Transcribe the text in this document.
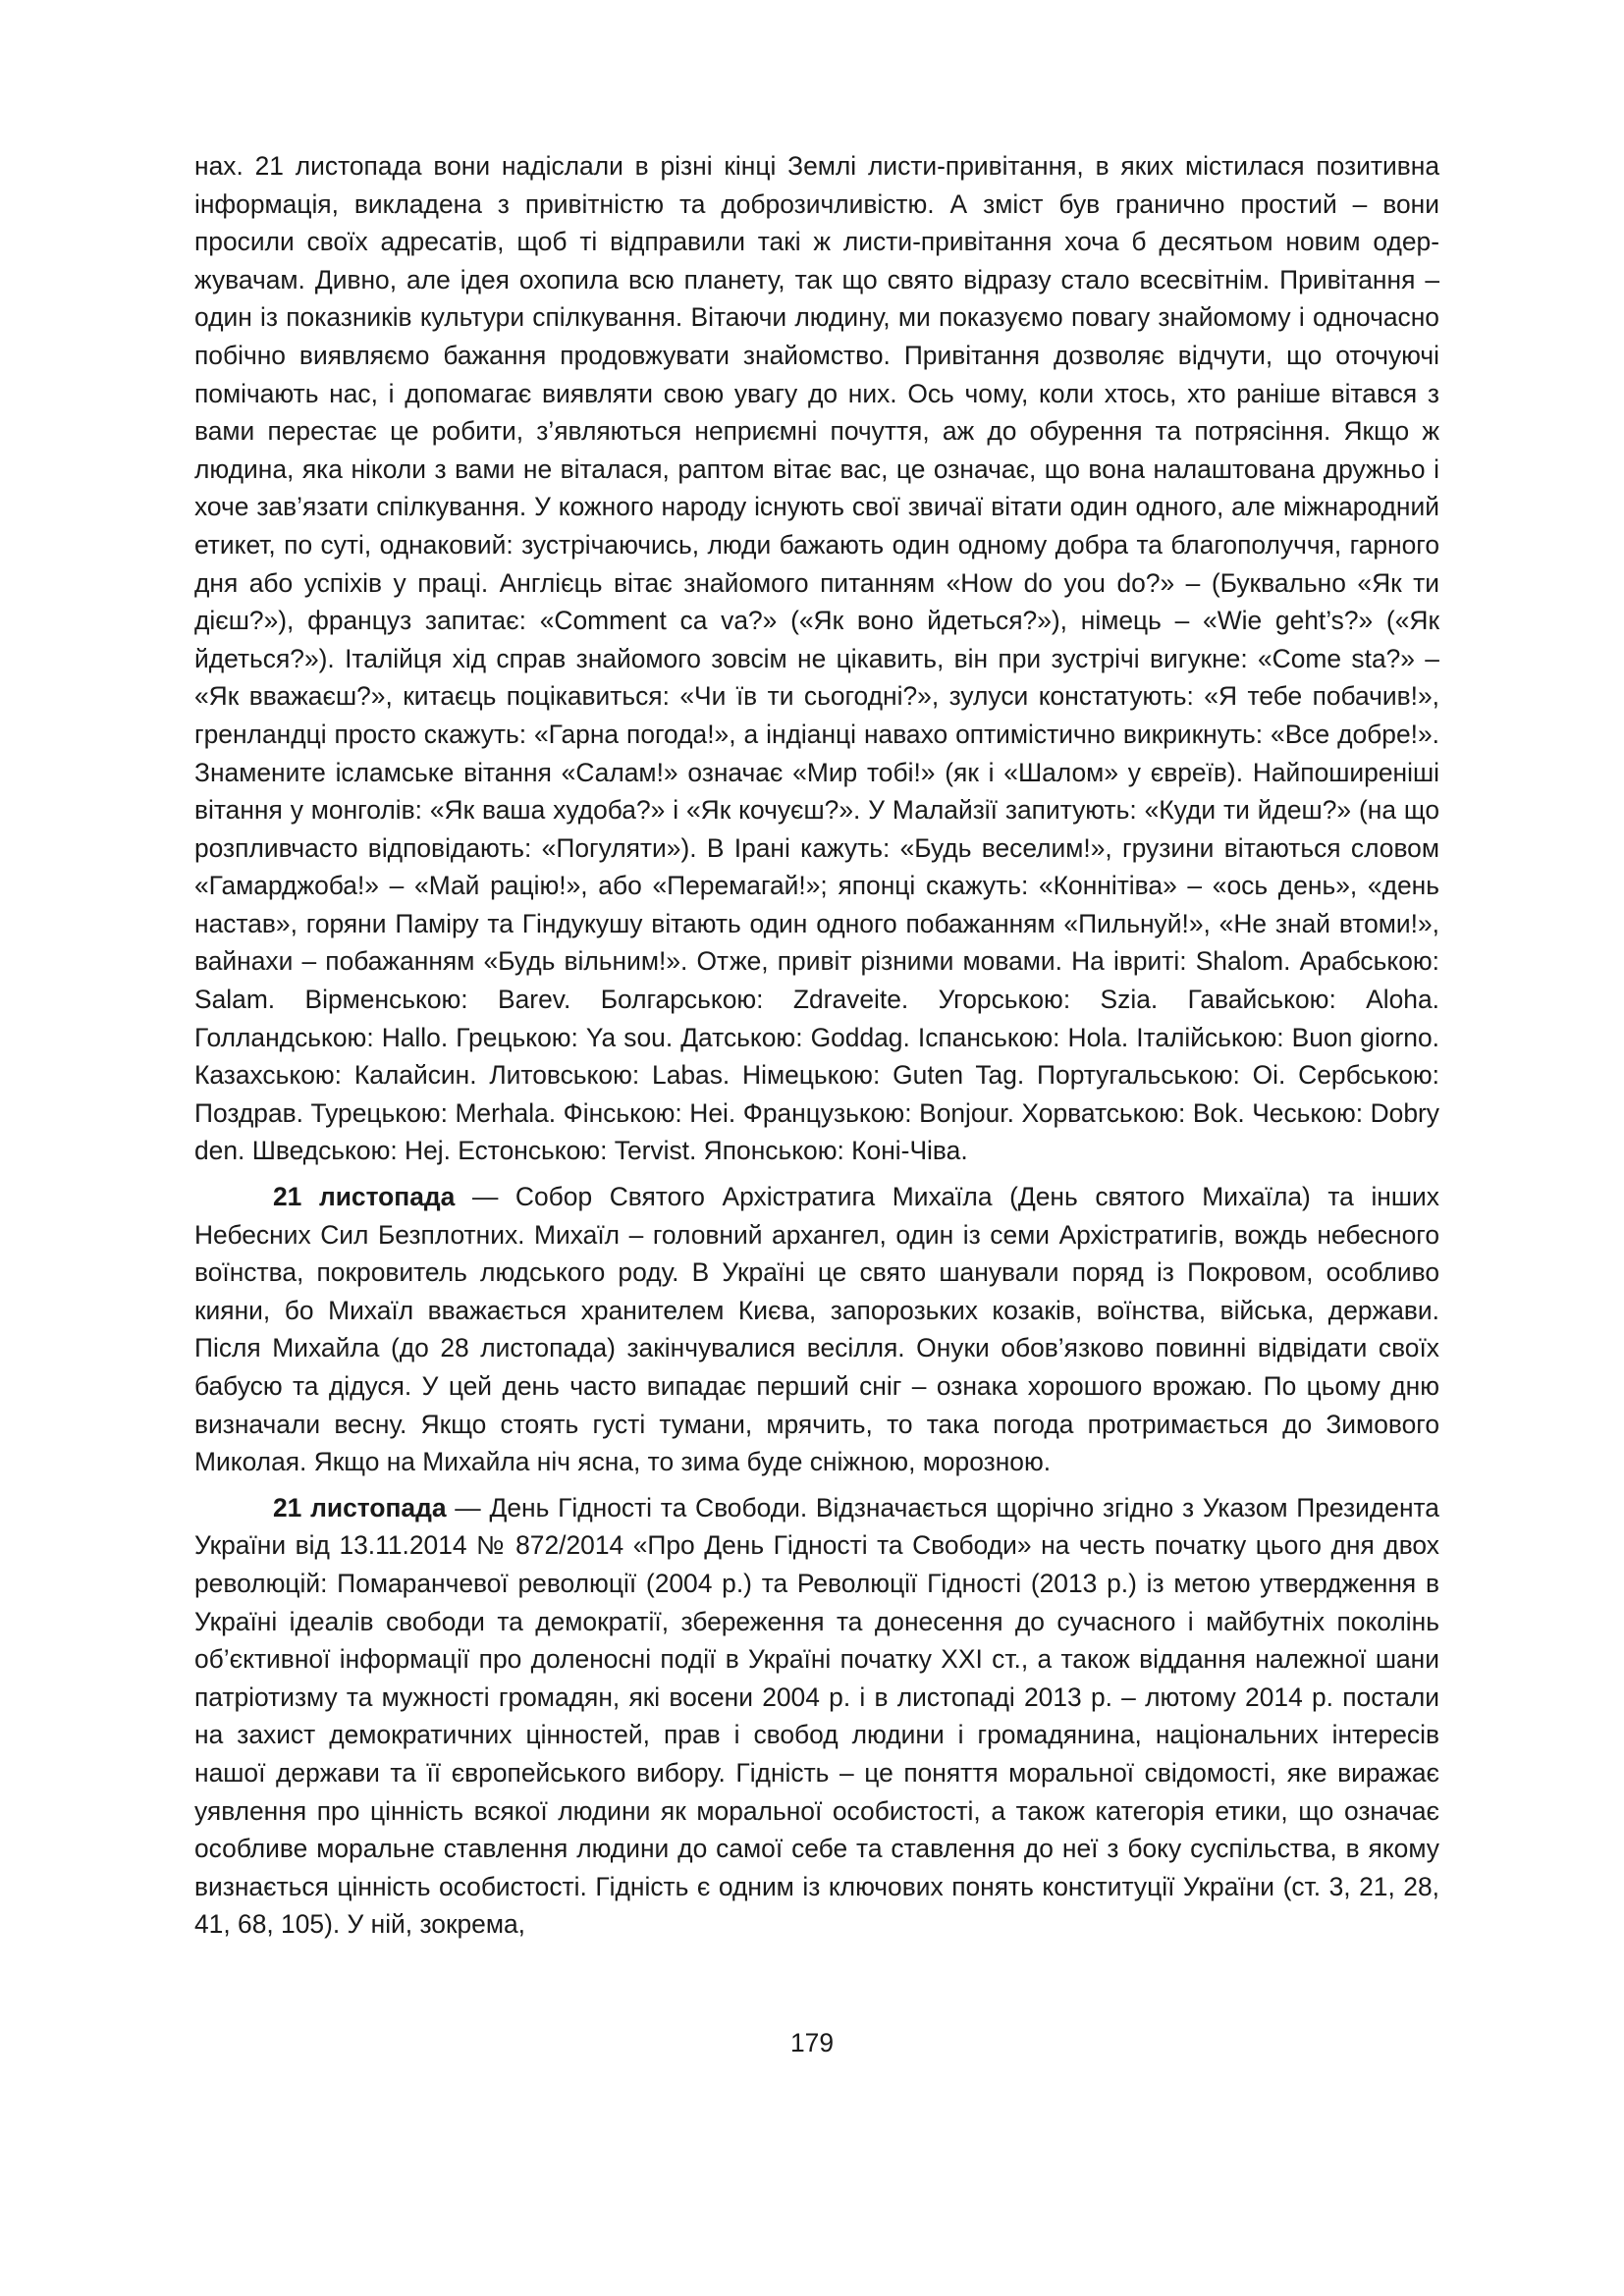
нах. 21 листопада вони надіслали в різні кінці Землі листи-привітання, в яких містилася позитивна інформація, викладена з привітністю та доброзичливістю. А зміст був гранично простий – вони просили своїх адресатів, щоб ті відправили такі ж листи-привітання хоча б десятьом новим одержувачам. Дивно, але ідея охопила всю планету, так що свято відразу стало всесвітнім. Привітання – один із показників культури спілкування. Вітаючи людину, ми показуємо повагу знайомому і одночасно побічно виявляємо бажання продовжувати знайомство. Привітання дозволяє відчути, що оточуючі помічають нас, і допомагає виявляти свою увагу до них. Ось чому, коли хтось, хто раніше вітався з вами перестає це робити, з’являються неприємні почуття, аж до обурення та потрясіння. Якщо ж людина, яка ніколи з вами не віталася, раптом вітає вас, це означає, що вона налаштована дружньо і хоче зав’язати спілкування. У кожного народу існують свої звичаї вітати один одного, але міжнародний етикет, по суті, однаковий: зустрічаючись, люди бажають один одному добра та благополуччя, гарного дня або успіхів у праці. Англієць вітає знайомого питанням «How do you do?» – (Буквально «Як ти дієш?»), француз запитає: «Comment ca va?» («Як воно йдеться?»), німець – «Wie geht’s?» («Як йдеться?»). Італійця хід справ знайомого зовсім не цікавить, він при зустрічі вигукне: «Come sta?» – «Як вважаєш?», китаєць поцікавиться: «Чи їв ти сьогодні?», зулуси констатують: «Я тебе побачив!», гренландці просто скажуть: «Гарна погода!», а індіанці навахо оптимістично викрикнуть: «Все добре!». Знамените ісламське вітання «Салам!» означає «Мир тобі!» (як і «Шалом» у євреїв). Найпоширеніші вітання у монголів: «Як ваша худоба?» і «Як кочуєш?». У Малайзії запитують: «Куди ти йдеш?» (на що розпливчасто відповідають: «Погуляти»). В Ірані кажуть: «Будь веселим!», грузини вітаються словом «Гамарджоба!» – «Май рацію!», або «Перемагай!»; японці скажуть: «Коннітіва» – «ось день», «день настав», горяни Паміру та Гіндукушу вітають один одного побажанням «Пильнуй!», «Не знай втоми!», вайнахи – побажанням «Будь вільним!». Отже, привіт різними мовами. На івриті: Shalom. Арабською: Salam. Вірменською: Barev. Болгарською: Zdraveite. Угорською: Szia. Гавайською: Aloha. Голландською: Hallo. Грецькою: Ya sou. Датською: Goddag. Іспанською: Hola. Італійською: Buon giorno. Казахською: Калайсин. Литовською: Labas. Німецькою: Guten Tag. Португальською: Oi. Сербською: Поздрав. Турецькою: Merhala. Фінською: Hei. Французькою: Bonjour. Хорватською: Bok. Чеською: Dobry den. Шведською: Hej. Естонською: Tervist. Японською: Коні-Чіва.

21 листопада — Собор Святого Архістратига Михаїла (День святого Михаїла) та інших Небесних Сил Безплотних. Михаїл – головний архангел, один із семи Архістратигів, вождь небесного воїнства, покровитель людського роду. В Україні це свято шанували поряд із Покровом, особливо кияни, бо Михаїл вважається хранителем Києва, запорозьких козаків, воїнства, війська, держави. Після Михайла (до 28 листопада) закінчувалися весілля. Онуки обов’язково повинні відвідати своїх бабусю та дідуся. У цей день часто випадає перший сніг – ознака хорошого врожаю. По цьому дню визначали весну. Якщо стоять густі тумани, мрячить, то така погода протримається до Зимового Миколая. Якщо на Михайла ніч ясна, то зима буде сніжною, морозною.

21 листопада — День Гідності та Свободи. Відзначається щорічно згідно з Указом Президента України від 13.11.2014 № 872/2014 «Про День Гідності та Свободи» на честь початку цього дня двох революцій: Помаранчевої революції (2004 р.) та Революції Гідності (2013 р.) із метою утвердження в Україні ідеалів свободи та демократії, збереження та донесення до сучасного і майбутніх поколінь об’єктивної інформації про доленосні події в Україні початку XXI ст., а також віддання належної шани патріотизму та мужності громадян, які восени 2004 р. і в листопаді 2013 р. – лютому 2014 р. постали на захист демократичних цінностей, прав і свобод людини і громадянина, національних інтересів нашої держави та її європейського вибору. Гідність – це поняття моральної свідомості, яке виражає уявлення про цінність всякої людини як моральної особистості, а також категорія етики, що означає особливе моральне ставлення людини до самої себе та ставлення до неї з боку суспільства, в якому визнається цінність особистості. Гідність є одним із ключових понять конституції України (ст. 3, 21, 28, 41, 68, 105). У ній, зокрема,

179
